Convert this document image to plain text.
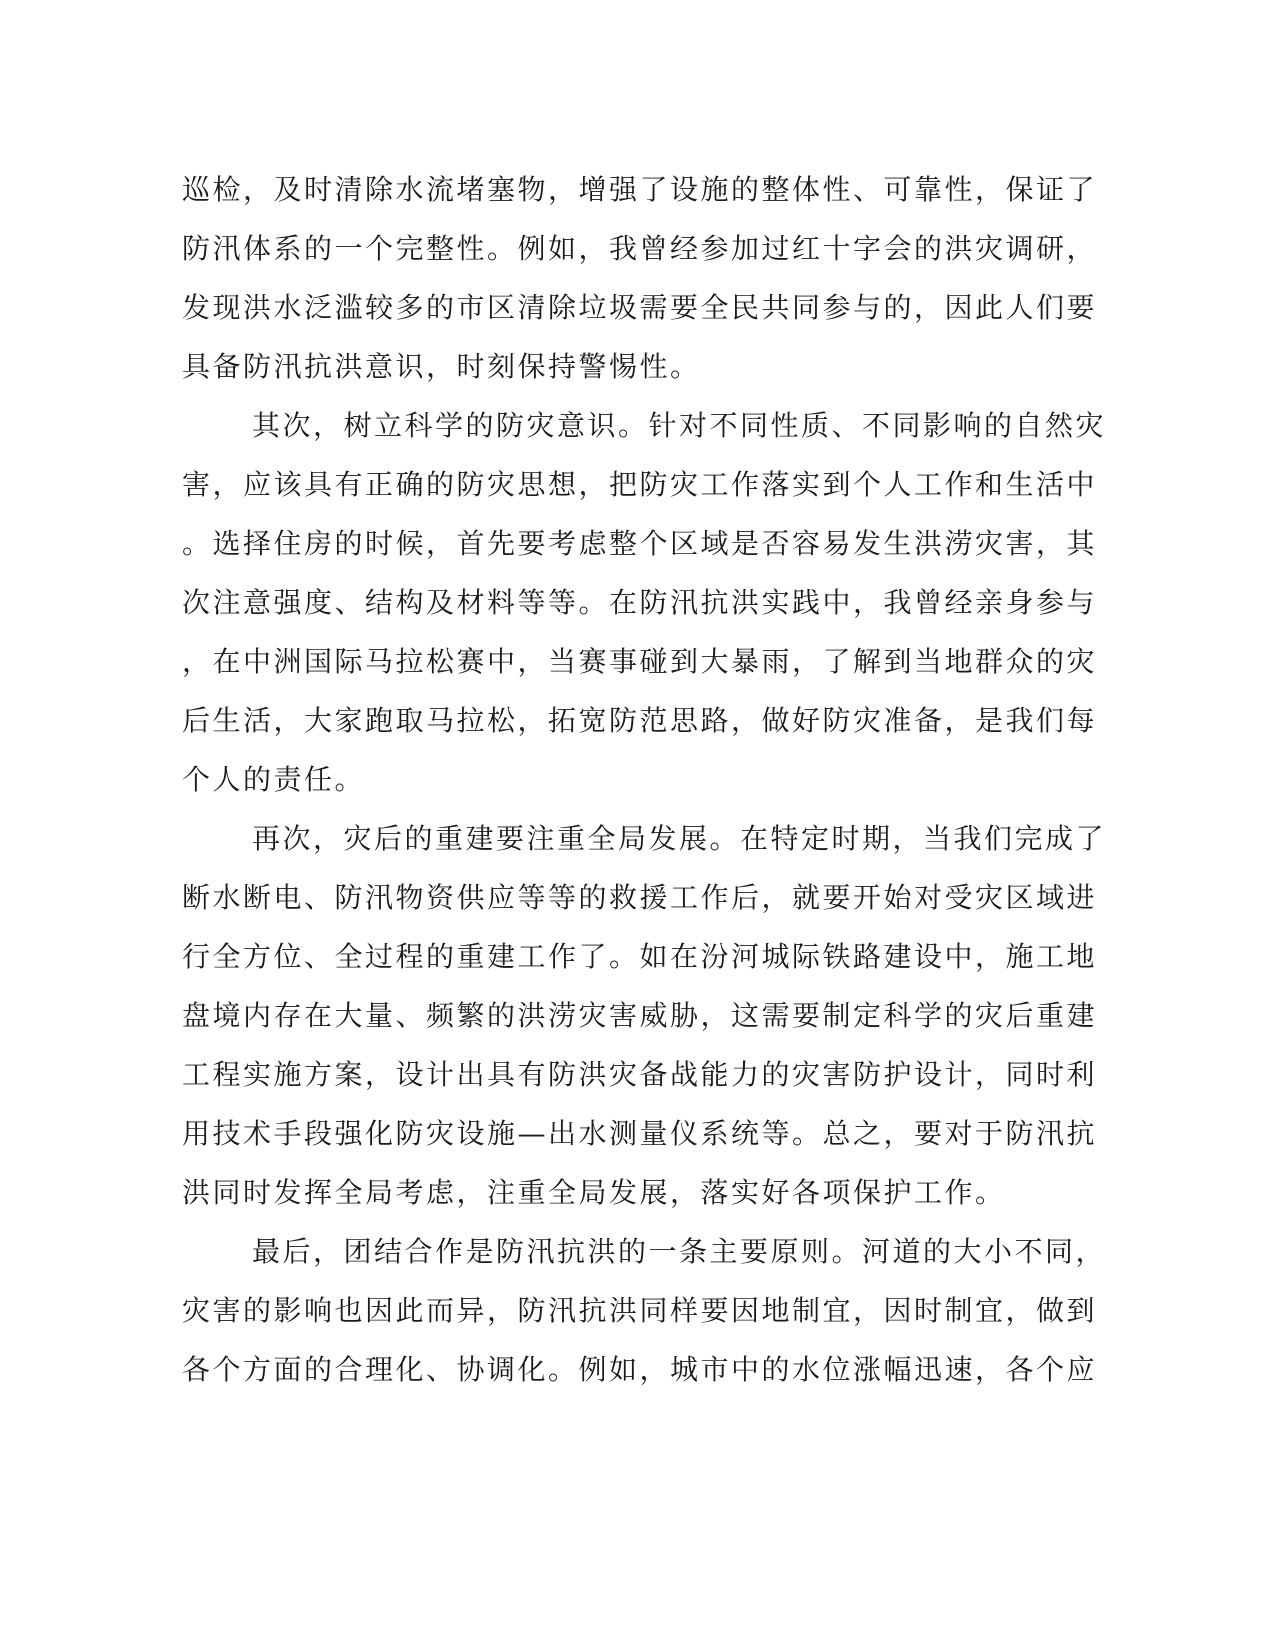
巡检，及时清除水流堵塞物，增强了设施的整体性、可靠性，保证了
防汛体系的一个完整性。例如，我曾经参加过红十字会的洪灾调研，
发现洪水泛滥较多的市区清除垃圾需要全民共同参与的，因此人们要
具备防汛抗洪意识，时刻保持警惕性。
其次，树立科学的防灾意识。针对不同性质、不同影响的自然灾
害，应该具有正确的防灾思想，把防灾工作落实到个人工作和生活中
。选择住房的时候，首先要考虑整个区域是否容易发生洪涝灾害，其
次注意强度、结构及材料等等。在防汛抗洪实践中，我曾经亲身参与
，在中洲国际马拉松赛中，当赛事碰到大暴雨，了解到当地群众的灾
后生活，大家跑取马拉松，拓宽防范思路，做好防灾准备，是我们每
个人的责任。
再次，灾后的重建要注重全局发展。在特定时期，当我们完成了
断水断电、防汛物资供应等等的救援工作后，就要开始对受灾区域进
行全方位、全过程的重建工作了。如在汾河城际铁路建设中，施工地
盘境内存在大量、频繁的洪涝灾害威胁，这需要制定科学的灾后重建
工程实施方案，设计出具有防洪灾备战能力的灾害防护设计，同时利
用技术手段强化防灾设施—出水测量仪系统等。总之，要对于防汛抗
洪同时发挥全局考虑，注重全局发展，落实好各项保护工作。
最后，团结合作是防汛抗洪的一条主要原则。河道的大小不同，
灾害的影响也因此而异，防汛抗洪同样要因地制宜，因时制宜，做到
各个方面的合理化、协调化。例如，城市中的水位涨幅迅速，各个应
